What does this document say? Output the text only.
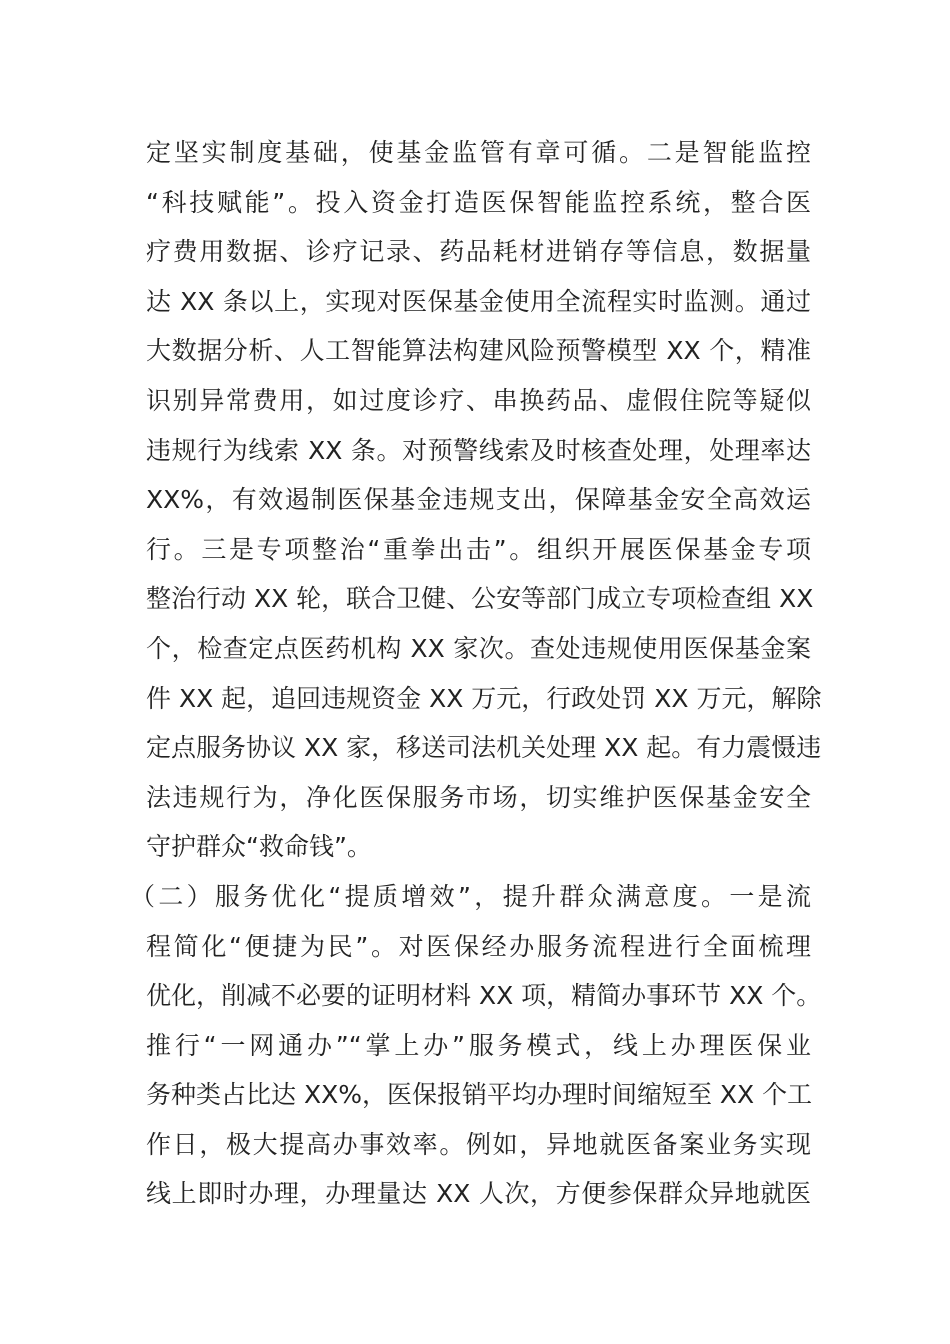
定坚实制度基础，使基金监管有章可循。二是智能监控
“科技赋能”。投入资金打造医保智能监控系统，整合医
疗费用数据、诊疗记录、药品耗材进销存等信息，数据量
达 XX 条以上，实现对医保基金使用全流程实时监测。通过
大数据分析、人工智能算法构建风险预警模型 XX 个，精准
识别异常费用，如过度诊疗、串换药品、虚假住院等疑似
违规行为线索 XX 条。对预警线索及时核查处理，处理率达
XX%，有效遏制医保基金违规支出，保障基金安全高效运
行。三是专项整治“重拳出击”。组织开展医保基金专项
整治行动 XX 轮，联合卫健、公安等部门成立专项检查组 XX
个，检查定点医药机构 XX 家次。查处违规使用医保基金案
件 XX 起，追回违规资金 XX 万元，行政处罚 XX 万元，解除
定点服务协议 XX 家，移送司法机关处理 XX 起。有力震慑违
法违规行为，净化医保服务市场，切实维护医保基金安全
守护群众“救命钱”。
（二）服务优化“提质增效”，提升群众满意度。一是流
程简化“便捷为民”。对医保经办服务流程进行全面梳理
优化，削减不必要的证明材料 XX 项，精简办事环节 XX 个。
推行“一网通办”“掌上办”服务模式，线上办理医保业
务种类占比达 XX%，医保报销平均办理时间缩短至 XX 个工
作日，极大提高办事效率。例如，异地就医备案业务实现
线上即时办理，办理量达 XX 人次，方便参保群众异地就医
